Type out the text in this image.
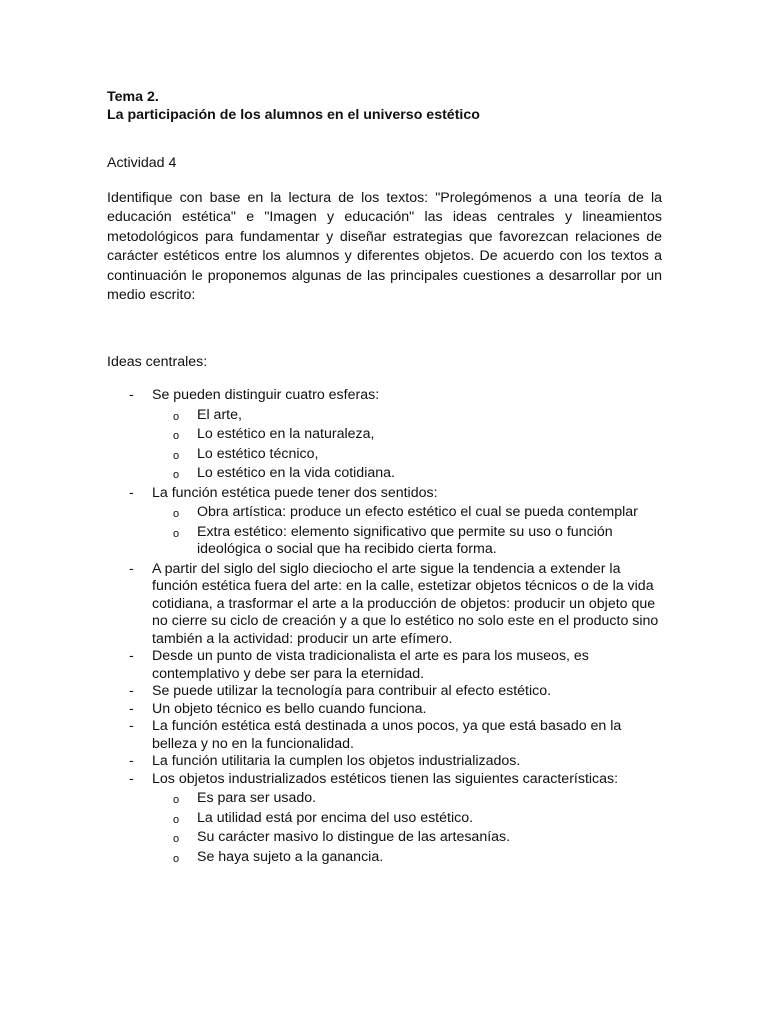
Tema 2.
La participación de los alumnos en el universo estético

Actividad 4
Identifique con base en la lectura de los textos: "Prolegómenos a una teoría de la educación estética" e "Imagen y educación" las ideas centrales y lineamientos metodológicos para fundamentar y diseñar estrategias que favorezcan relaciones de carácter estéticos entre los alumnos y diferentes objetos. De acuerdo con los textos a continuación le proponemos algunas de las principales cuestiones a desarrollar por un medio escrito:
Ideas centrales:
- Se pueden distinguir cuatro esferas:
o El arte,
o Lo estético en la naturaleza,
o Lo estético técnico,
o Lo estético en la vida cotidiana.
- La función estética puede tener dos sentidos:
o Obra artística: produce un efecto estético el cual se pueda contemplar
o Extra estético: elemento significativo que permite su uso o función ideológica o social que ha recibido cierta forma.
- A partir del siglo del siglo dieciocho el arte sigue la tendencia a extender la función estética fuera del arte: en la calle, estetizar objetos técnicos o de la vida cotidiana, a trasformar el arte a la producción de objetos: producir un objeto que no cierre su ciclo de creación y a que lo estético no solo este en el producto sino también a la actividad: producir un arte efímero.
- Desde un punto de vista tradicionalista el arte es para los museos, es contemplativo y debe ser para la eternidad.
- Se puede utilizar la tecnología para contribuir al efecto estético.
- Un objeto técnico es bello cuando funciona.
- La función estética está destinada a unos pocos, ya que está basado en la belleza y no en la funcionalidad.
- La función utilitaria la cumplen los objetos industrializados.
- Los objetos industrializados estéticos tienen las siguientes características:
o Es para ser usado.
o La utilidad está por encima del uso estético.
o Su carácter masivo lo distingue de las artesanías.
o Se haya sujeto a la ganancia.
